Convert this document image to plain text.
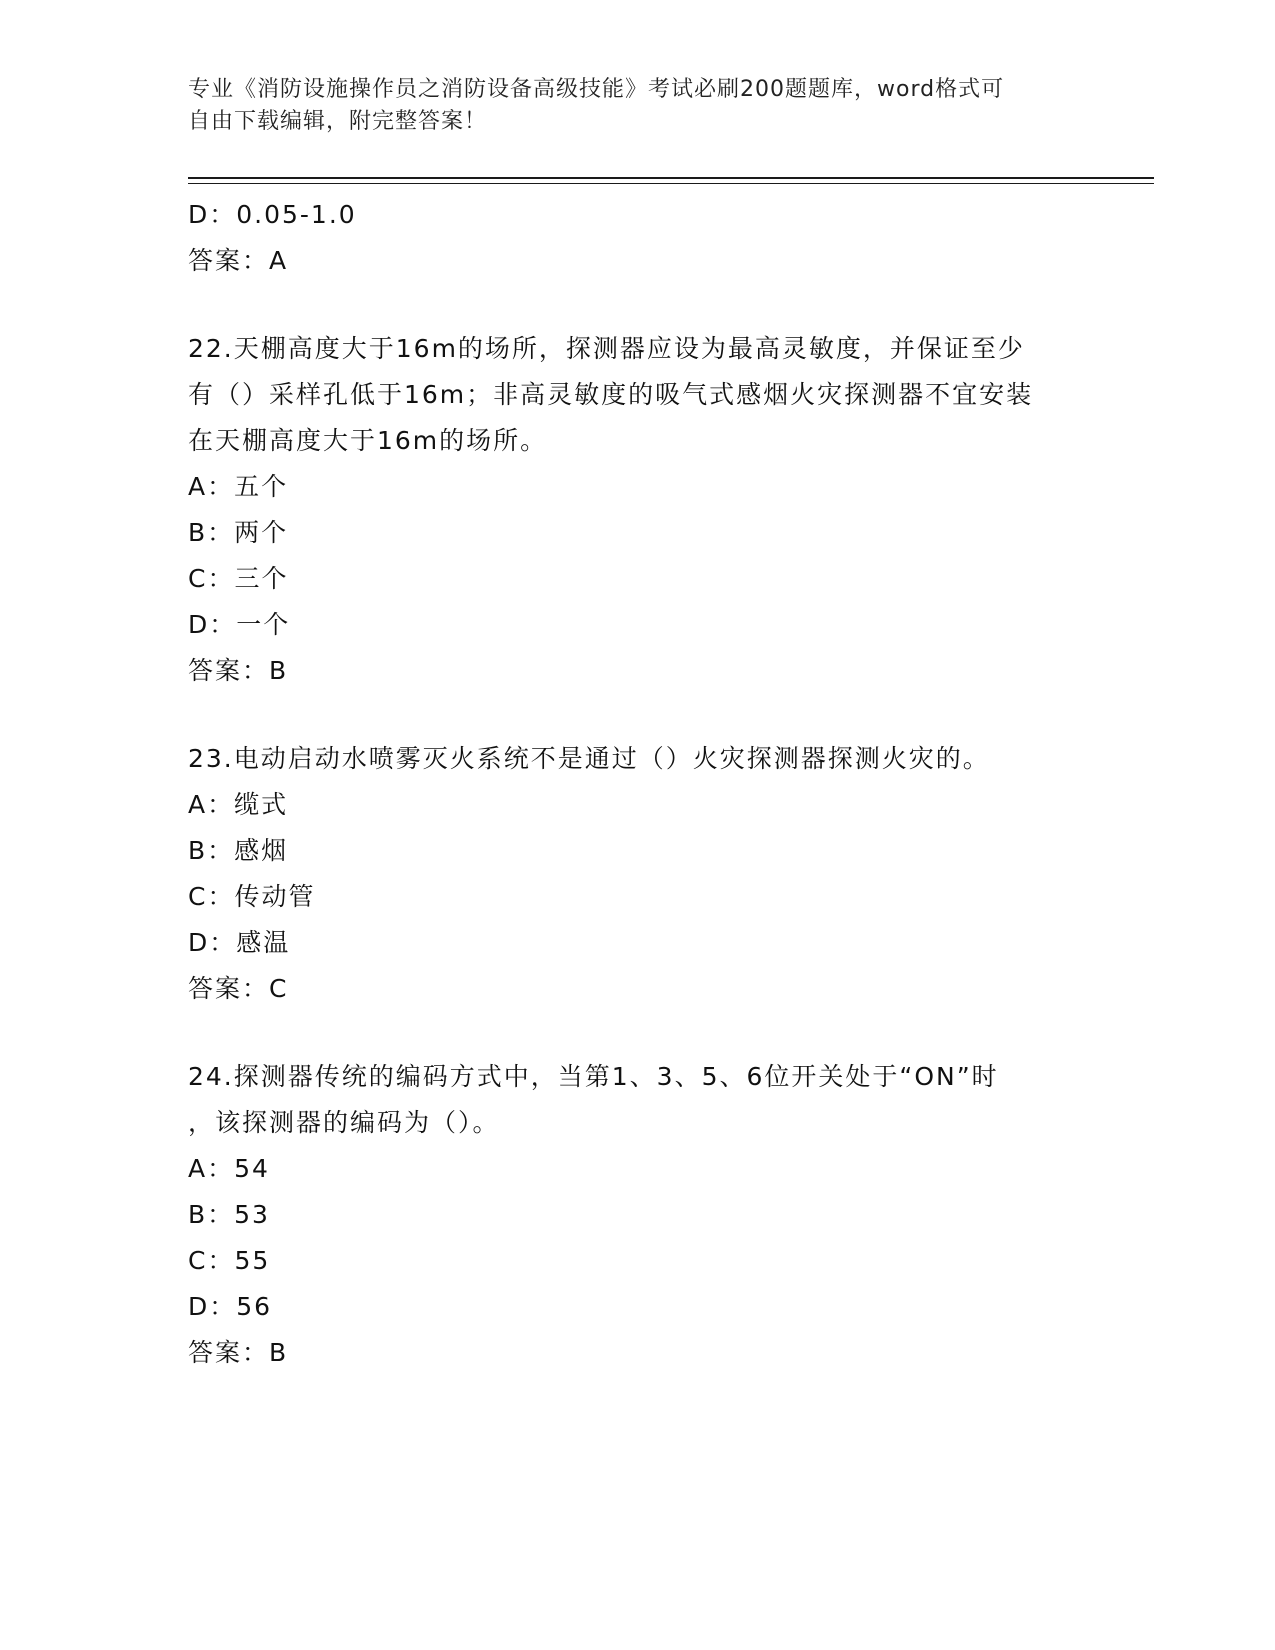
专业《消防设施操作员之消防设备高级技能》考试必刷200题题库，word格式可
自由下载编辑，附完整答案！
D：0.05-1.0
答案：A
22.天棚高度大于16m的场所，探测器应设为最高灵敏度，并保证至少
有（）采样孔低于16m；非高灵敏度的吸气式感烟火灾探测器不宜安装
在天棚高度大于16m的场所。
A：五个
B：两个
C：三个
D：一个
答案：B
23.电动启动水喷雾灭火系统不是通过（）火灾探测器探测火灾的。
A：缆式
B：感烟
C：传动管
D：感温
答案：C
24.探测器传统的编码方式中，当第1、3、5、6位开关处于“ON”时
，该探测器的编码为（）。
A：54
B：53
C：55
D：56
答案：B
